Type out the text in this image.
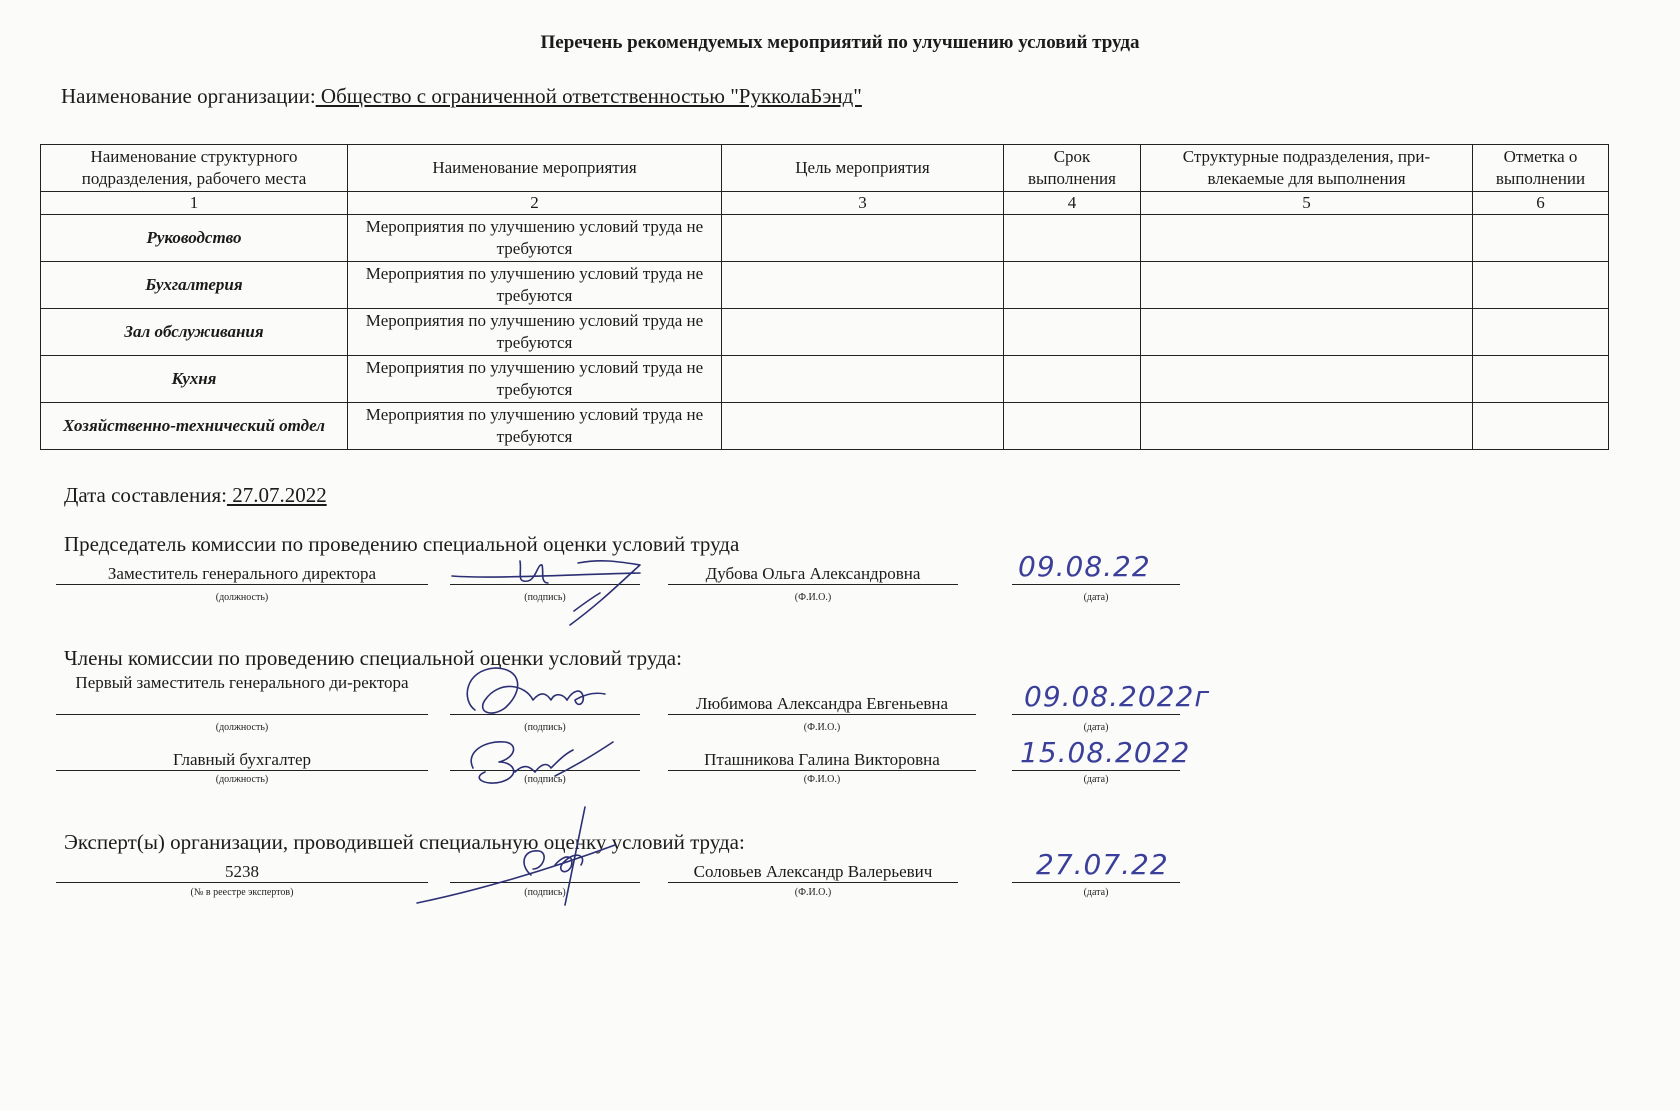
Перечень рекомендуемых мероприятий по улучшению условий труда
Наименование организации: Общество с ограниченной ответственностью "РукколаБэнд"
Наименование структурного подразделения, рабочего места	Наименование мероприятия	Цель мероприятия	Срок выполнения	Структурные подразделения, при-влекаемые для выполнения	Отметка о выполнении
1	2	3	4	5	6
Руководство	Мероприятия по улучшению условий труда не требуются				
Бухгалтерия	Мероприятия по улучшению условий труда не требуются				
Зал обслуживания	Мероприятия по улучшению условий труда не требуются				
Кухня	Мероприятия по улучшению условий труда не требуются				
Хозяйственно-технический отдел	Мероприятия по улучшению условий труда не требуются				
Дата составления: 27.07.2022
Председатель комиссии по проведению специальной оценки условий труда
Заместитель генерального директора
(должность)	(подпись)
Дубова Ольга Александровна
(Ф.И.О.)
09.08.22
(дата)
Члены комиссии по проведению специальной оценки условий труда:
Первый заместитель генерального ди-ректора
(должность)	(подпись)
Любимова Александра Евгеньевна
(Ф.И.О.)
09.08.2022г
(дата)
Главный бухгалтер
(должность)	(подпись)
Пташникова Галина Викторовна
(Ф.И.О.)
15.08.2022
(дата)
Эксперт(ы) организации, проводившей специальную оценку условий труда:
5238
(№ в реестре экспертов)	(подпись)
Соловьев Александр Валерьевич
(Ф.И.О.)
27.07.22
(дата)
